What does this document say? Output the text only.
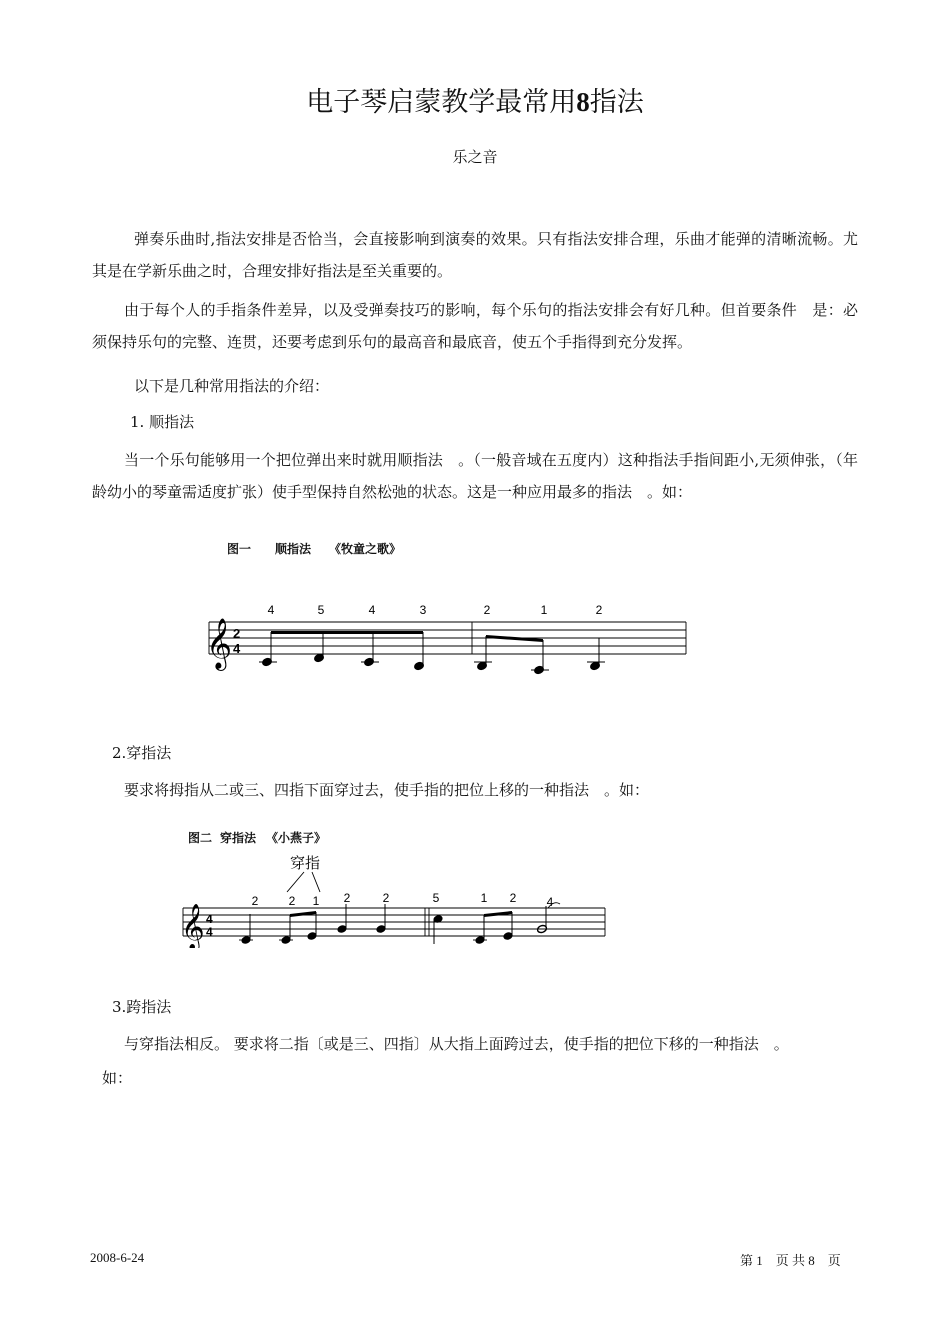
电子琴启蒙教学最常用8指法
乐之音

弹奏乐曲时,指法安排是否恰当，会直接影响到演奏的效果。只有指法安排合理，乐曲才能弹的清晰流畅。尤其是在学新乐曲之时，合理安排好指法是至关重要的。

由于每个人的手指条件差异，以及受弹奏技巧的影响，每个乐句的指法安排会有好几种。但首要条件　是：必须保持乐句的完整、连贯，还要考虑到乐句的最高音和最底音，使五个手指得到充分发挥。

以下是几种常用指法的介绍：

1. 顺指法

当一个乐句能够用一个把位弹出来时就用顺指法　。（一般音域在五度内）这种指法手指间距小,无须伸张，（年龄幼小的琴童需适度扩张）使手型保持自然松弛的状态。这是一种应用最多的指法　。如：

图一 顺指法 《牧童之歌》
𝄞 2
4
4	5	4	3	2	1	2

2.穿指法

要求将拇指从二或三、四指下面穿过去，使手指的把位上移的一种指法　。如：

图二 穿指法 《小燕子》
穿指
𝄞 4
4
2	2 1 2	2	5	1 2	4

3.跨指法

与穿指法相反。 要求将二指〔或是三、四指〕从大指上面跨过去，使手指的把位下移的一种指法　。

如：

2008-6-24	第 1　页 共 8　页
